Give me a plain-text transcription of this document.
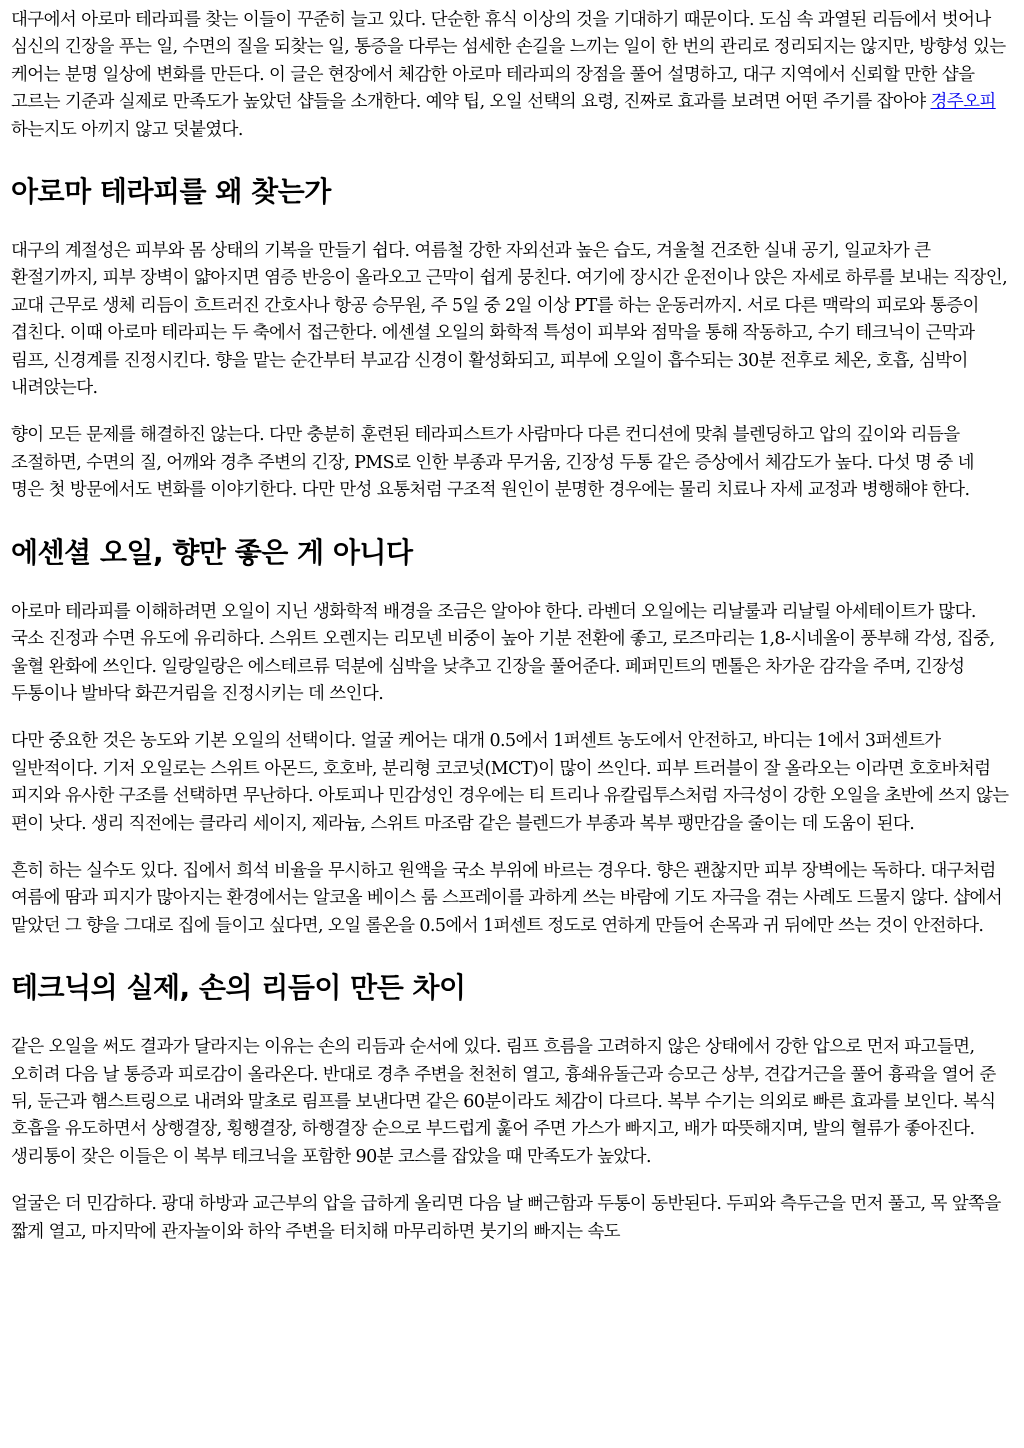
대구에서 아로마 테라피를 찾는 이들이 꾸준히 늘고 있다. 단순한 휴식 이상의 것을 기대하기 때문이다. 도심 속 과열된 리듬에서 벗어나 심신의 긴장을 푸는 일, 수면의 질을 되찾는 일, 통증을 다루는 섬세한 손길을 느끼는 일이 한 번의 관리로 정리되지는 않지만, 방향성 있는 케어는 분명 일상에 변화를 만든다. 이 글은 현장에서 체감한 아로마 테라피의 장점을 풀어 설명하고, 대구 지역에서 신뢰할 만한 샵을 고르는 기준과 실제로 만족도가 높았던 샵들을 소개한다. 예약 팁, 오일 선택의 요령, 진짜로 효과를 보려면 어떤 주기를 잡아야 경주오피 하는지도 아끼지 않고 덧붙였다.

아로마 테라피를 왜 찾는가

대구의 계절성은 피부와 몸 상태의 기복을 만들기 쉽다. 여름철 강한 자외선과 높은 습도, 겨울철 건조한 실내 공기, 일교차가 큰 환절기까지, 피부 장벽이 얇아지면 염증 반응이 올라오고 근막이 쉽게 뭉친다. 여기에 장시간 운전이나 앉은 자세로 하루를 보내는 직장인, 교대 근무로 생체 리듬이 흐트러진 간호사나 항공 승무원, 주 5일 중 2일 이상 PT를 하는 운동러까지. 서로 다른 맥락의 피로와 통증이 겹친다. 이때 아로마 테라피는 두 축에서 접근한다. 에센셜 오일의 화학적 특성이 피부와 점막을 통해 작동하고, 수기 테크닉이 근막과 림프, 신경계를 진정시킨다. 향을 맡는 순간부터 부교감 신경이 활성화되고, 피부에 오일이 흡수되는 30분 전후로 체온, 호흡, 심박이 내려앉는다.

향이 모든 문제를 해결하진 않는다. 다만 충분히 훈련된 테라피스트가 사람마다 다른 컨디션에 맞춰 블렌딩하고 압의 깊이와 리듬을 조절하면, 수면의 질, 어깨와 경추 주변의 긴장, PMS로 인한 부종과 무거움, 긴장성 두통 같은 증상에서 체감도가 높다. 다섯 명 중 네 명은 첫 방문에서도 변화를 이야기한다. 다만 만성 요통처럼 구조적 원인이 분명한 경우에는 물리 치료나 자세 교정과 병행해야 한다.

에센셜 오일, 향만 좋은 게 아니다

아로마 테라피를 이해하려면 오일이 지닌 생화학적 배경을 조금은 알아야 한다. 라벤더 오일에는 리날룰과 리날릴 아세테이트가 많다. 국소 진정과 수면 유도에 유리하다. 스위트 오렌지는 리모넨 비중이 높아 기분 전환에 좋고, 로즈마리는 1,8-시네올이 풍부해 각성, 집중, 울혈 완화에 쓰인다. 일랑일랑은 에스테르류 덕분에 심박을 낮추고 긴장을 풀어준다. 페퍼민트의 멘톨은 차가운 감각을 주며, 긴장성 두통이나 발바닥 화끈거림을 진정시키는 데 쓰인다.

다만 중요한 것은 농도와 기본 오일의 선택이다. 얼굴 케어는 대개 0.5에서 1퍼센트 농도에서 안전하고, 바디는 1에서 3퍼센트가 일반적이다. 기저 오일로는 스위트 아몬드, 호호바, 분리형 코코넛(MCT)이 많이 쓰인다. 피부 트러블이 잘 올라오는 이라면 호호바처럼 피지와 유사한 구조를 선택하면 무난하다. 아토피나 민감성인 경우에는 티 트리나 유칼립투스처럼 자극성이 강한 오일을 초반에 쓰지 않는 편이 낫다. 생리 직전에는 클라리 세이지, 제라늄, 스위트 마조람 같은 블렌드가 부종과 복부 팽만감을 줄이는 데 도움이 된다.

흔히 하는 실수도 있다. 집에서 희석 비율을 무시하고 원액을 국소 부위에 바르는 경우다. 향은 괜찮지만 피부 장벽에는 독하다. 대구처럼 여름에 땀과 피지가 많아지는 환경에서는 알코올 베이스 룸 스프레이를 과하게 쓰는 바람에 기도 자극을 겪는 사례도 드물지 않다. 샵에서 맡았던 그 향을 그대로 집에 들이고 싶다면, 오일 롤온을 0.5에서 1퍼센트 정도로 연하게 만들어 손목과 귀 뒤에만 쓰는 것이 안전하다.

테크닉의 실제, 손의 리듬이 만든 차이

같은 오일을 써도 결과가 달라지는 이유는 손의 리듬과 순서에 있다. 림프 흐름을 고려하지 않은 상태에서 강한 압으로 먼저 파고들면, 오히려 다음 날 통증과 피로감이 올라온다. 반대로 경추 주변을 천천히 열고, 흉쇄유돌근과 승모근 상부, 견갑거근을 풀어 흉곽을 열어 준 뒤, 둔근과 햄스트링으로 내려와 말초로 림프를 보낸다면 같은 60분이라도 체감이 다르다. 복부 수기는 의외로 빠른 효과를 보인다. 복식 호흡을 유도하면서 상행결장, 횡행결장, 하행결장 순으로 부드럽게 훑어 주면 가스가 빠지고, 배가 따뜻해지며, 발의 혈류가 좋아진다. 생리통이 잦은 이들은 이 복부 테크닉을 포함한 90분 코스를 잡았을 때 만족도가 높았다.

얼굴은 더 민감하다. 광대 하방과 교근부의 압을 급하게 올리면 다음 날 뻐근함과 두통이 동반된다. 두피와 측두근을 먼저 풀고, 목 앞쪽을 짧게 열고, 마지막에 관자놀이와 하악 주변을 터치해 마무리하면 붓기의 빠지는 속도
